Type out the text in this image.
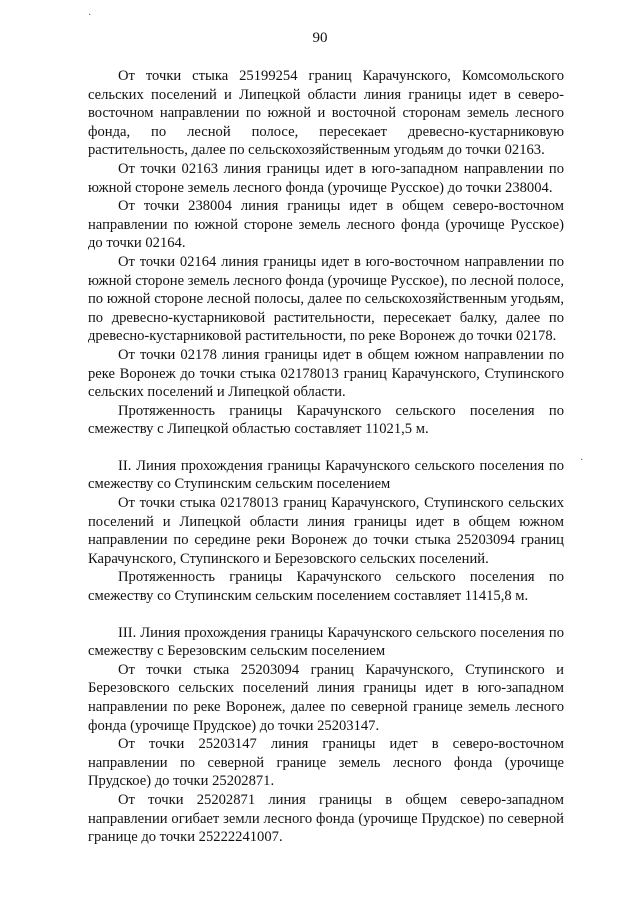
90

От точки стыка 25199254 границ Карачунского, Комсомольского сельских поселений и Липецкой области линия границы идет в северо-восточном направлении по южной и восточной сторонам земель лесного фонда, по лесной полосе, пересекает древесно-кустарниковую растительность, далее по сельскохозяйственным угодьям до точки 02163.

От точки 02163 линия границы идет в юго-западном направлении по южной стороне земель лесного фонда (урочище Русское) до точки 238004.

От точки 238004 линия границы идет в общем северо-восточном направлении по южной стороне земель лесного фонда (урочище Русское) до точки 02164.

От точки 02164 линия границы идет в юго-восточном направлении по южной стороне земель лесного фонда (урочище Русское), по лесной полосе, по южной стороне лесной полосы, далее по сельскохозяйственным угодьям, по древесно-кустарниковой растительности, пересекает балку, далее по древесно-кустарниковой растительности, по реке Воронеж до точки 02178.

От точки 02178 линия границы идет в общем южном направлении по реке Воронеж до точки стыка 02178013 границ Карачунского, Ступинского сельских поселений и Липецкой области.

Протяженность границы Карачунского сельского поселения по смежеству с Липецкой областью составляет 11021,5 м.

II. Линия прохождения границы Карачунского сельского поселения по смежеству со Ступинским сельским поселением

От точки стыка 02178013 границ Карачунского, Ступинского сельских поселений и Липецкой области линия границы идет в общем южном направлении по середине реки Воронеж до точки стыка 25203094 границ Карачунского, Ступинского и Березовского сельских поселений.

Протяженность границы Карачунского сельского поселения по смежеству со Ступинским сельским поселением составляет 11415,8 м.

III. Линия прохождения границы Карачунского сельского поселения по смежеству с Березовским сельским поселением

От точки стыка 25203094 границ Карачунского, Ступинского и Березовского сельских поселений линия границы идет в юго-западном направлении по реке Воронеж, далее по северной границе земель лесного фонда (урочище Прудское) до точки 25203147.

От точки 25203147 линия границы идет в северо-восточном направлении по северной границе земель лесного фонда (урочище Прудское) до точки 25202871.

От точки 25202871 линия границы в общем северо-западном направлении огибает земли лесного фонда (урочище Прудское) по северной границе до точки 25222241007.

·
·
